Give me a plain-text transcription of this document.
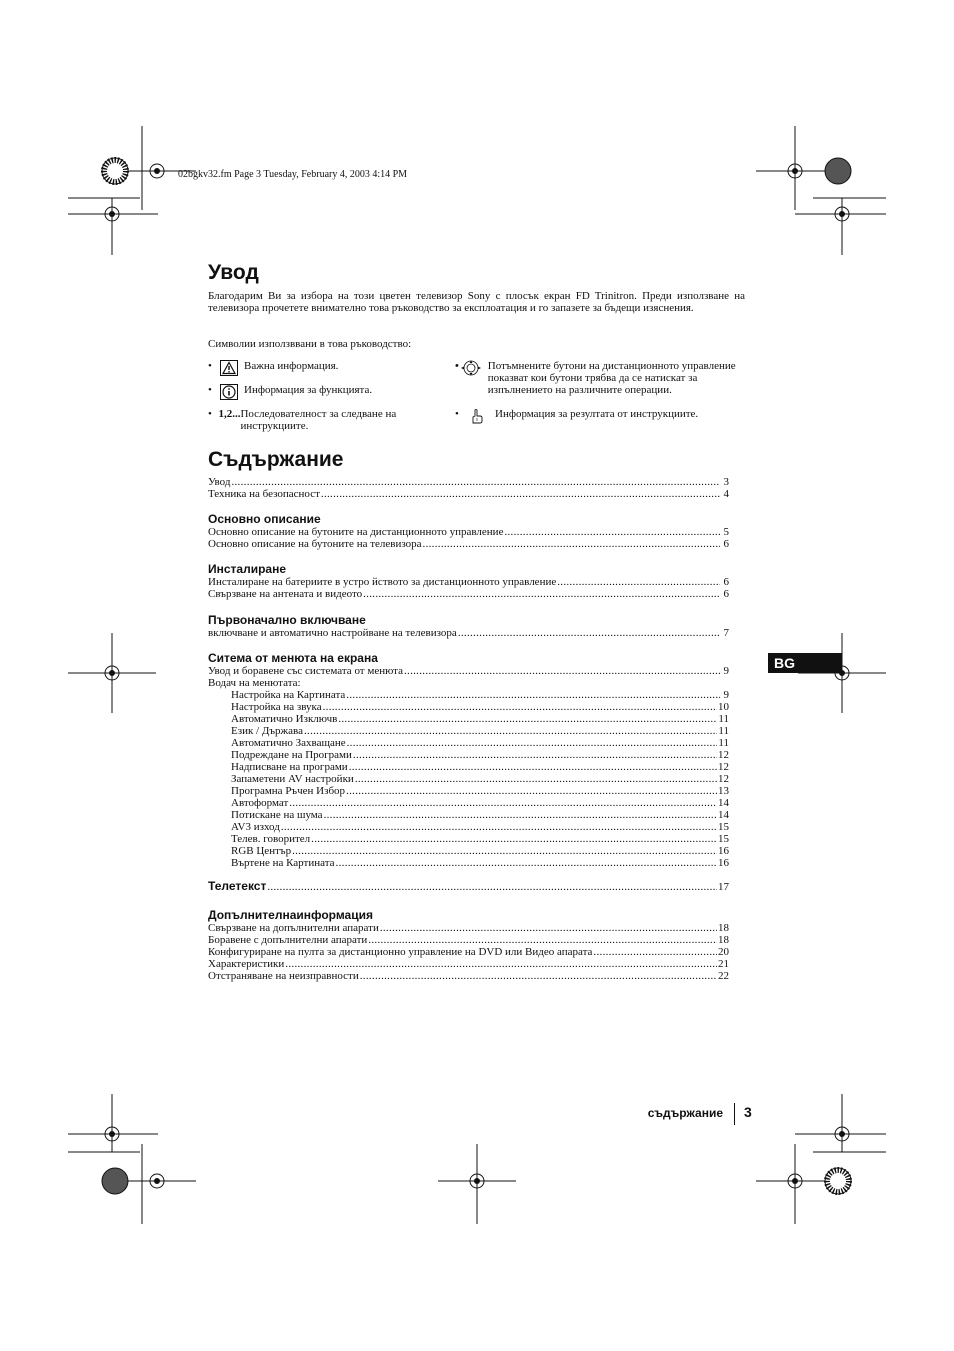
02bgkv32.fm Page 3 Tuesday, February 4, 2003 4:14 PM
Увод
Благодарим Ви за избора на този цветен телевизор Sony с плосък екран FD Trinitron. Преди използване на телевизора прочетете внимателно това ръководство за експлоатация и го запазете за бъдещи изяснения.
Символии използввани в това ръководство:
•	Важна информация.
•	Информация за функцията.
• 1,2... Последователност за следване на инструкциите.
•	Потъмнените бутони на дистанционното управление показват кои бутони трябва да се натискат за изпълнението на различните операции.
•	Информация за резултата от инструкциите.
Съдържание
Увод .....	3
Техника на безопасност .....	4
Основно описание
Основно описание на бутоните на дистанционното управление .....	5
Основно описание на бутоните на телевизора .....	6
Инсталиране
Инсталиране на батериите в устро йството за дистанционното управление .....	6
Свързване на антената и видеото .....	6
Първоначално включване
включване и автоматично настройване на телевизора .....	7
Ситема от менюта на екрана
Увод и боравене със системата от менюта .....	9
Водач на менютата:
Настройка на Картината .....	9
Настройка на звука .....	10
Автоматично Изключв .....	11
Език / Държава .....	11
Автоматично Захващане .....	11
Подреждане на Програми .....	12
Надписване на програми .....	12
Запаметени AV настройки .....	12
Програмна Ръчен Избор .....	13
Автоформат .....	14
Потискане на шума .....	14
AV3 изход .....	15
Телев. говорител .....	15
RGB Център .....	16
Въртене на Картината .....	16
Телетекст .....	17
Допълнителнаинформация
Свързване на допълнителни апарати .....	18
Боравене с допълнителни апарати .....	18
Конфигуриране на пулта за дистанционно управление на DVD или Видео апарата .....	20
Характеристики .....	21
Отстраняване на неизправности .....	22
BG
съдържание 3
